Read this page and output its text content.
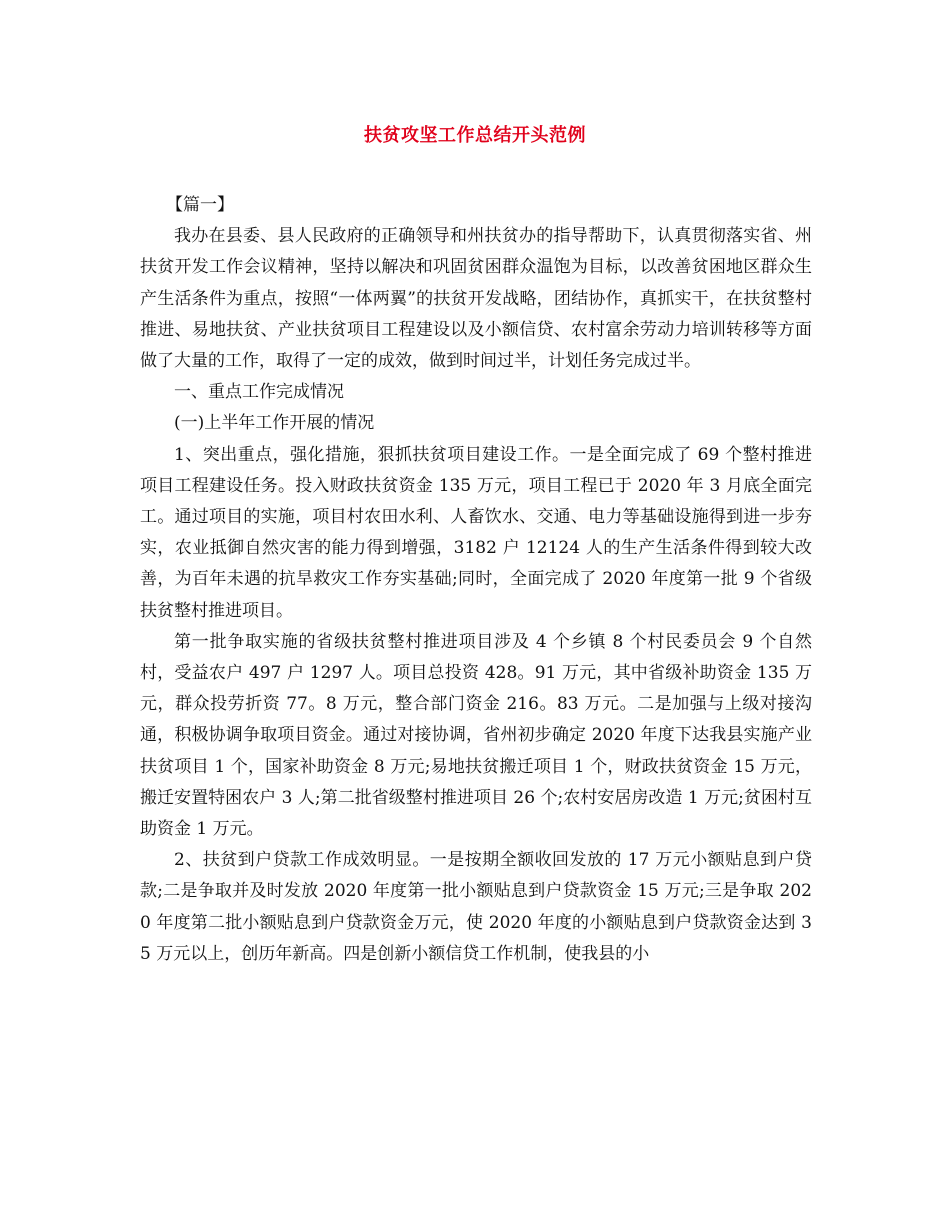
扶贫攻坚工作总结开头范例

【篇一】

我办在县委、县人民政府的正确领导和州扶贫办的指导帮助下，认真贯彻落实省、州扶贫开发工作会议精神，坚持以解决和巩固贫困群众温饱为目标，以改善贫困地区群众生产生活条件为重点，按照“一体两翼”的扶贫开发战略，团结协作，真抓实干，在扶贫整村推进、易地扶贫、产业扶贫项目工程建设以及小额信贷、农村富余劳动力培训转移等方面做了大量的工作，取得了一定的成效，做到时间过半，计划任务完成过半。

一、重点工作完成情况

(一)上半年工作开展的情况

1、突出重点，强化措施，狠抓扶贫项目建设工作。一是全面完成了 69 个整村推进项目工程建设任务。投入财政扶贫资金 135 万元，项目工程已于 2020 年 3 月底全面完工。通过项目的实施，项目村农田水利、人畜饮水、交通、电力等基础设施得到进一步夯实，农业抵御自然灾害的能力得到增强，3182 户 12124 人的生产生活条件得到较大改善，为百年未遇的抗旱救灾工作夯实基础;同时，全面完成了 2020 年度第一批 9 个省级扶贫整村推进项目。

第一批争取实施的省级扶贫整村推进项目涉及 4 个乡镇 8 个村民委员会 9 个自然村，受益农户 497 户 1297 人。项目总投资 428。91 万元，其中省级补助资金 135 万元，群众投劳折资 77。8 万元，整合部门资金 216。83 万元。二是加强与上级对接沟通，积极协调争取项目资金。通过对接协调，省州初步确定 2020 年度下达我县实施产业扶贫项目 1 个，国家补助资金 8 万元;易地扶贫搬迁项目 1 个，财政扶贫资金 15 万元，搬迁安置特困农户 3 人;第二批省级整村推进项目 26 个;农村安居房改造 1 万元;贫困村互助资金 1 万元。

2、扶贫到户贷款工作成效明显。一是按期全额收回发放的 17 万元小额贴息到户贷款;二是争取并及时发放 2020 年度第一批小额贴息到户贷款资金 15 万元;三是争取 2020 年度第二批小额贴息到户贷款资金万元，使 2020 年度的小额贴息到户贷款资金达到 35 万元以上，创历年新高。四是创新小额信贷工作机制，使我县的小
